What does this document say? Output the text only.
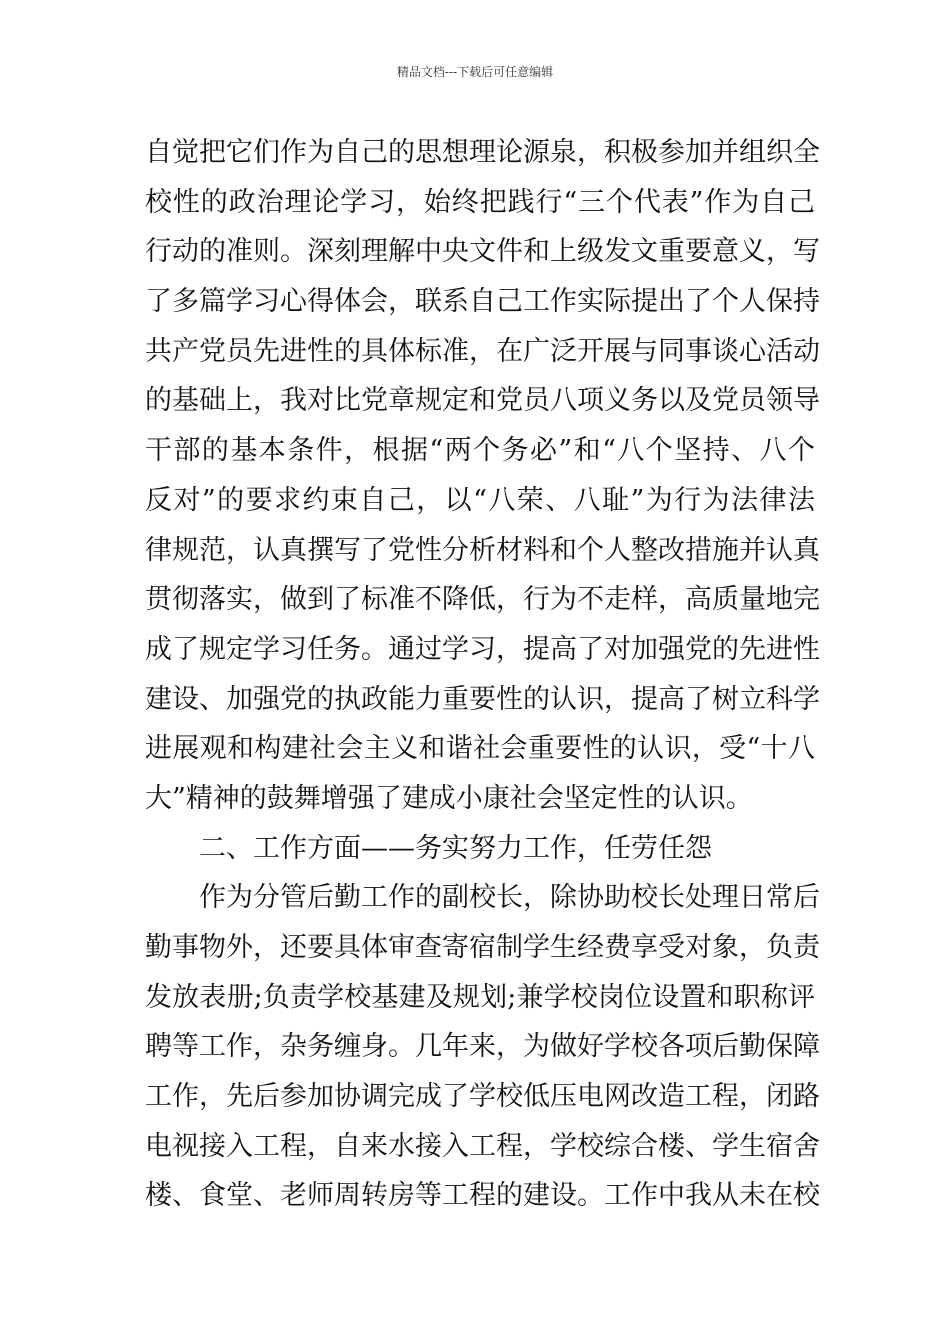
精品文档---下载后可任意编辑
自觉把它们作为自己的思想理论源泉，积极参加并组织全
校性的政治理论学习，始终把践行“三个代表”作为自己
行动的准则。深刻理解中央文件和上级发文重要意义，写
了多篇学习心得体会，联系自己工作实际提出了个人保持
共产党员先进性的具体标准，在广泛开展与同事谈心活动
的基础上，我对比党章规定和党员八项义务以及党员领导
干部的基本条件，根据“两个务必”和“八个坚持、八个
反对”的要求约束自己，以“八荣、八耻”为行为法律法
律规范，认真撰写了党性分析材料和个人整改措施并认真
贯彻落实，做到了标准不降低，行为不走样，高质量地完
成了规定学习任务。通过学习，提高了对加强党的先进性
建设、加强党的执政能力重要性的认识，提高了树立科学
进展观和构建社会主义和谐社会重要性的认识，受“十八
大”精神的鼓舞增强了建成小康社会坚定性的认识。
二、工作方面——务实努力工作，任劳任怨
作为分管后勤工作的副校长，除协助校长处理日常后
勤事物外，还要具体审查寄宿制学生经费享受对象，负责
发放表册;负责学校基建及规划;兼学校岗位设置和职称评
聘等工作，杂务缠身。几年来，为做好学校各项后勤保障
工作，先后参加协调完成了学校低压电网改造工程，闭路
电视接入工程，自来水接入工程，学校综合楼、学生宿舍
楼、食堂、老师周转房等工程的建设。工作中我从未在校
